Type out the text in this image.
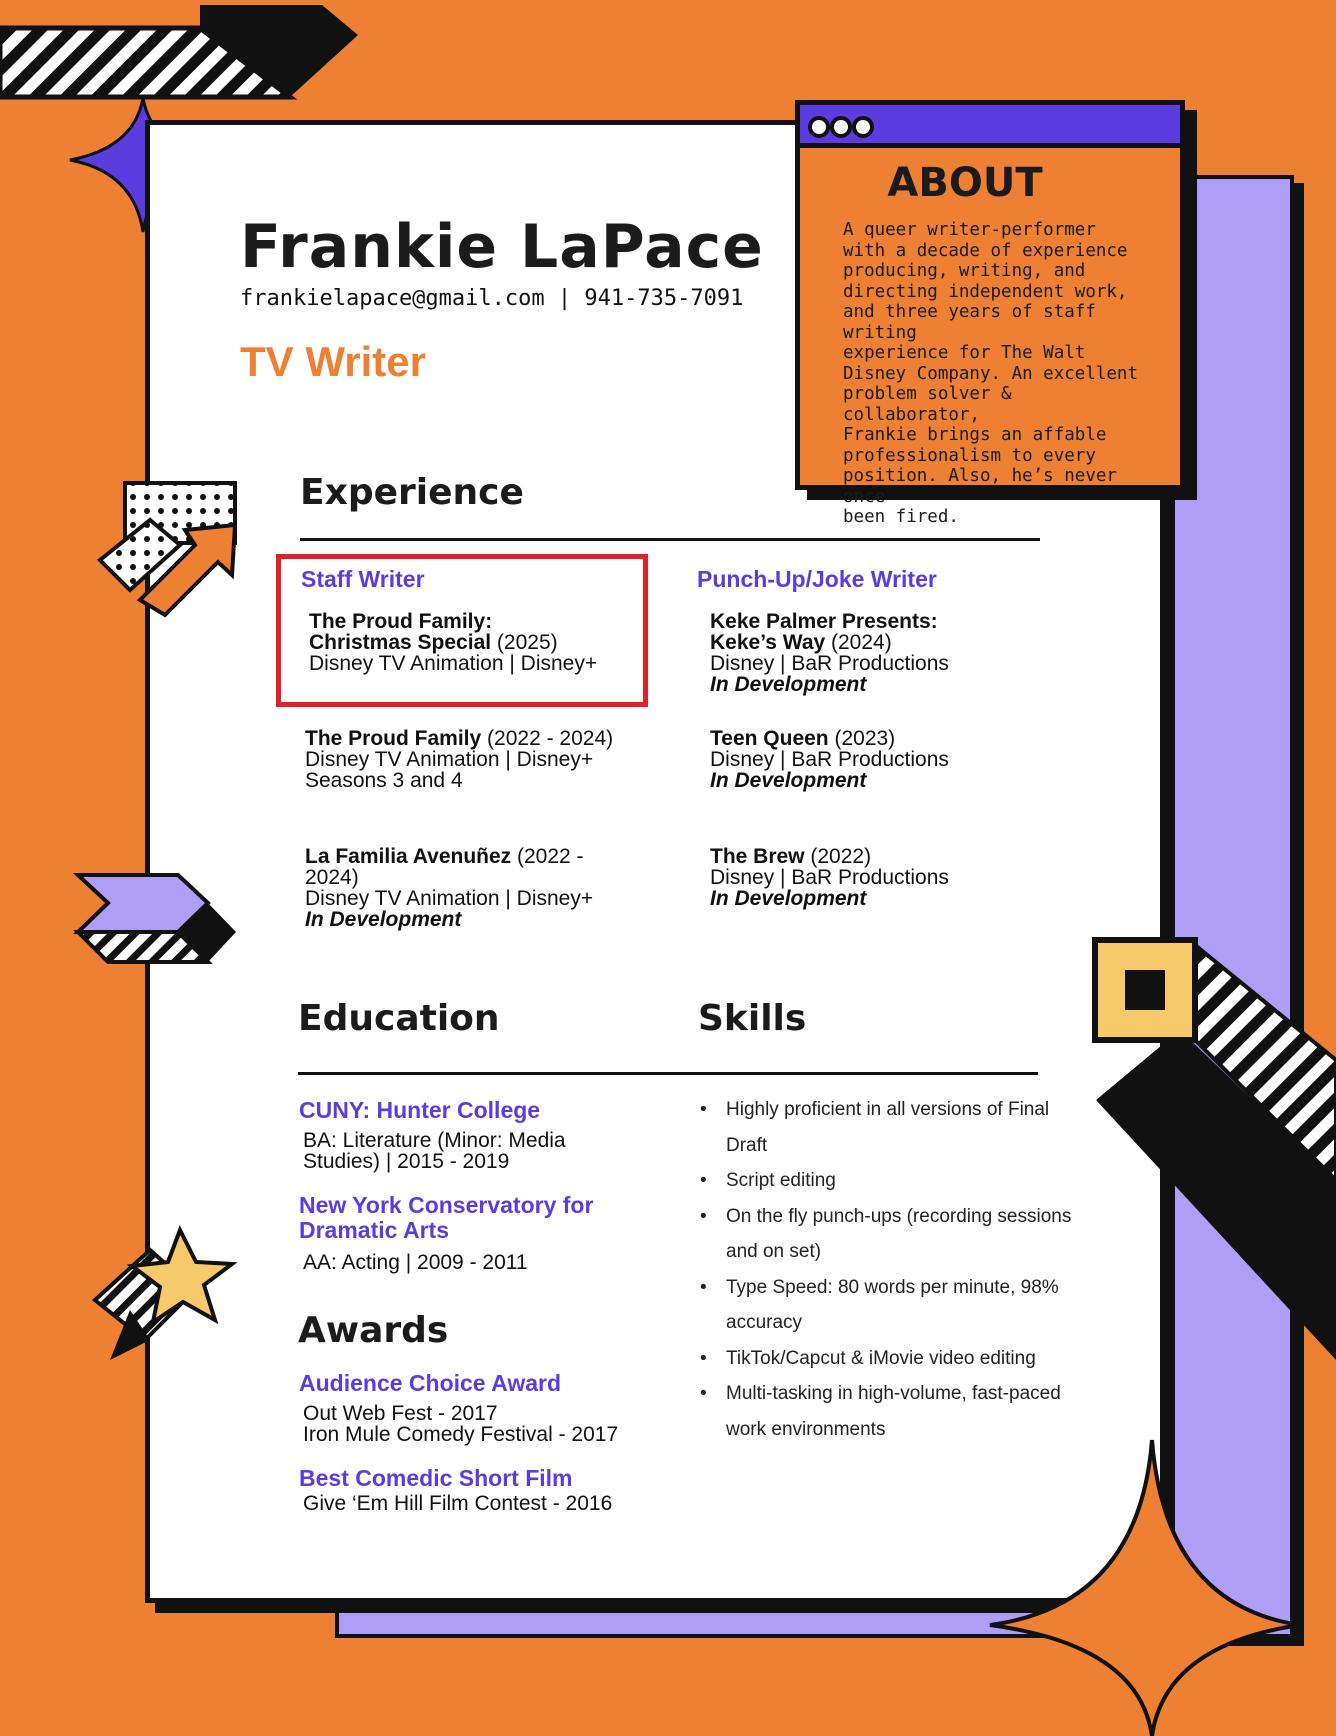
Frankie LaPace
frankielapace@gmail.com | 941-735-7091
TV Writer
ABOUT
A queer writer-performer
with a decade of experience
producing, writing, and
directing independent work,
and three years of staff writing
experience for The Walt
Disney Company. An excellent
problem solver & collaborator,
Frankie brings an affable
professionalism to every
position. Also, he’s never once
been fired.
Experience
Staff Writer	Punch-Up/Joke Writer
The Proud Family:
Christmas Special (2025)
Disney TV Animation | Disney+
The Proud Family (2022 - 2024)
Disney TV Animation | Disney+
Seasons 3 and 4
La Familia Avenuñez (2022 -
2024)
Disney TV Animation | Disney+
In Development
Keke Palmer Presents:
Keke’s Way (2024)
Disney | BaR Productions
In Development
Teen Queen (2023)
Disney | BaR Productions
In Development
The Brew (2022)
Disney | BaR Productions
In Development
Education	Skills
CUNY: Hunter College
BA: Literature (Minor: Media
Studies) | 2015 - 2019
New York Conservatory for
Dramatic Arts
AA: Acting | 2009 - 2011
Awards
Audience Choice Award
Out Web Fest - 2017
Iron Mule Comedy Festival - 2017
Best Comedic Short Film
Give ‘Em Hill Film Contest - 2016
• Highly proficient in all versions of Final Draft
• Script editing
• On the fly punch-ups (recording sessions and on set)
• Type Speed: 80 words per minute, 98% accuracy
• TikTok/Capcut & iMovie video editing
• Multi-tasking in high-volume, fast-paced work environments
